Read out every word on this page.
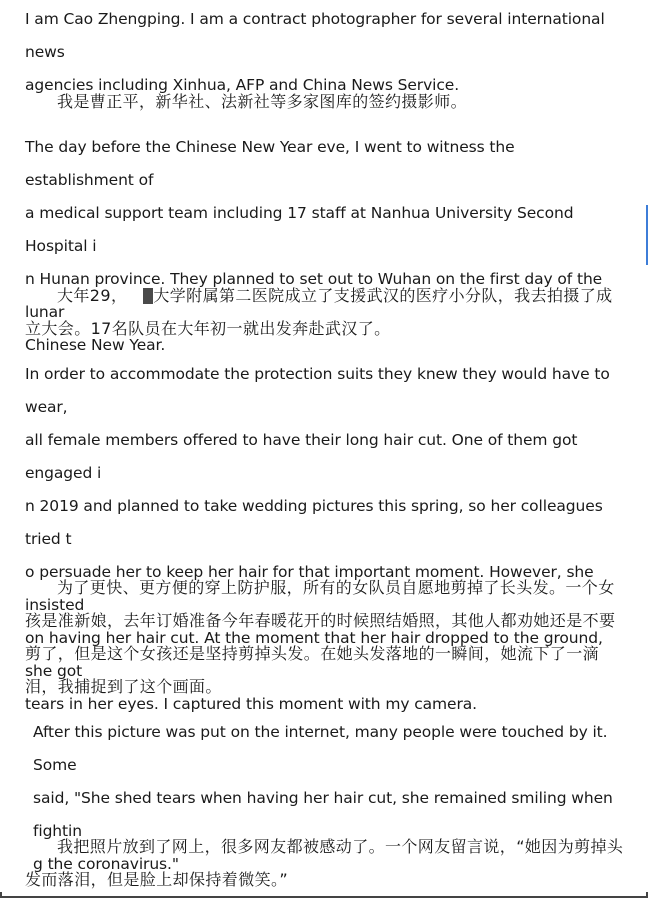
I am Cao Zhengping. I am a contract photographer for several international news
agencies including Xinhua, AFP and China News Service.

我是曹正平，新华社、法新社等多家图库的签约摄影师。

The day before the Chinese New Year eve, I went to witness the establishment of
a medical support team including 17 staff at Nanhua University Second Hospital i
n Hunan province. They planned to set out to Wuhan on the first day of the lunar
Chinese New Year.

大年29， 大学附属第二医院成立了支援武汉的医疗小分队，我去拍摄了成立大会。17名队员在大年初一就出发奔赴武汉了。

In order to accommodate the protection suits they knew they would have to wear,
all female members offered to have their long hair cut. One of them got engaged i
n 2019 and planned to take wedding pictures this spring, so her colleagues tried t
o persuade her to keep her hair for that important moment. However, she insisted
on having her hair cut. At the moment that her hair dropped to the ground, she got
tears in her eyes. I captured this moment with my camera.

为了更快、更方便的穿上防护服，所有的女队员自愿地剪掉了长头发。一个女孩是准新娘，去年订婚准备今年春暖花开的时候照结婚照，其他人都劝她还是不要剪了，但是这个女孩还是坚持剪掉头发。在她头发落地的一瞬间，她流下了一滴泪，我捕捉到了这个画面。

After this picture was put on the internet, many people were touched by it. Some
said, "She shed tears when having her hair cut, she remained smiling when fightin
g the coronavirus."

我把照片放到了网上，很多网友都被感动了。一个网友留言说，“她因为剪掉头发而落泪，但是脸上却保持着微笑。”
